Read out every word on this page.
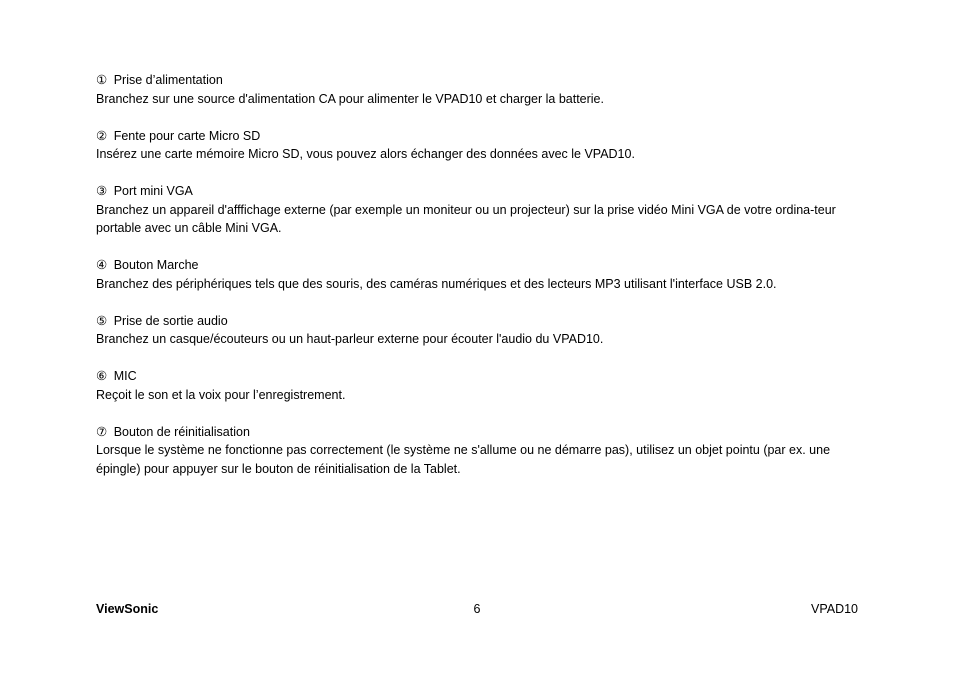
① Prise d’alimentation

Branchez sur une source d'alimentation CA pour alimenter le VPAD10 et charger la batterie.

② Fente pour carte Micro SD

Insérez une carte mémoire Micro SD, vous pouvez alors échanger des données avec le VPAD10.

③ Port mini VGA

Branchez un appareil d'afffichage externe (par exemple un moniteur ou un projecteur) sur la prise vidéo Mini VGA de votre ordina-teur portable avec un câble Mini VGA.

④ Bouton Marche

Branchez des périphériques tels que des souris, des caméras numériques et des lecteurs MP3 utilisant l'interface USB 2.0.

⑤ Prise de sortie audio

Branchez un casque/écouteurs ou un haut-parleur externe pour écouter l'audio du VPAD10.

⑥ MIC

Reçoit le son et la voix pour l’enregistrement.

⑦ Bouton de réinitialisation

Lorsque le système ne fonctionne pas correctement (le système ne s'allume ou ne démarre pas), utilisez un objet pointu (par ex. une épingle) pour appuyer sur le bouton de réinitialisation de la Tablet.

ViewSonic	6	VPAD10
